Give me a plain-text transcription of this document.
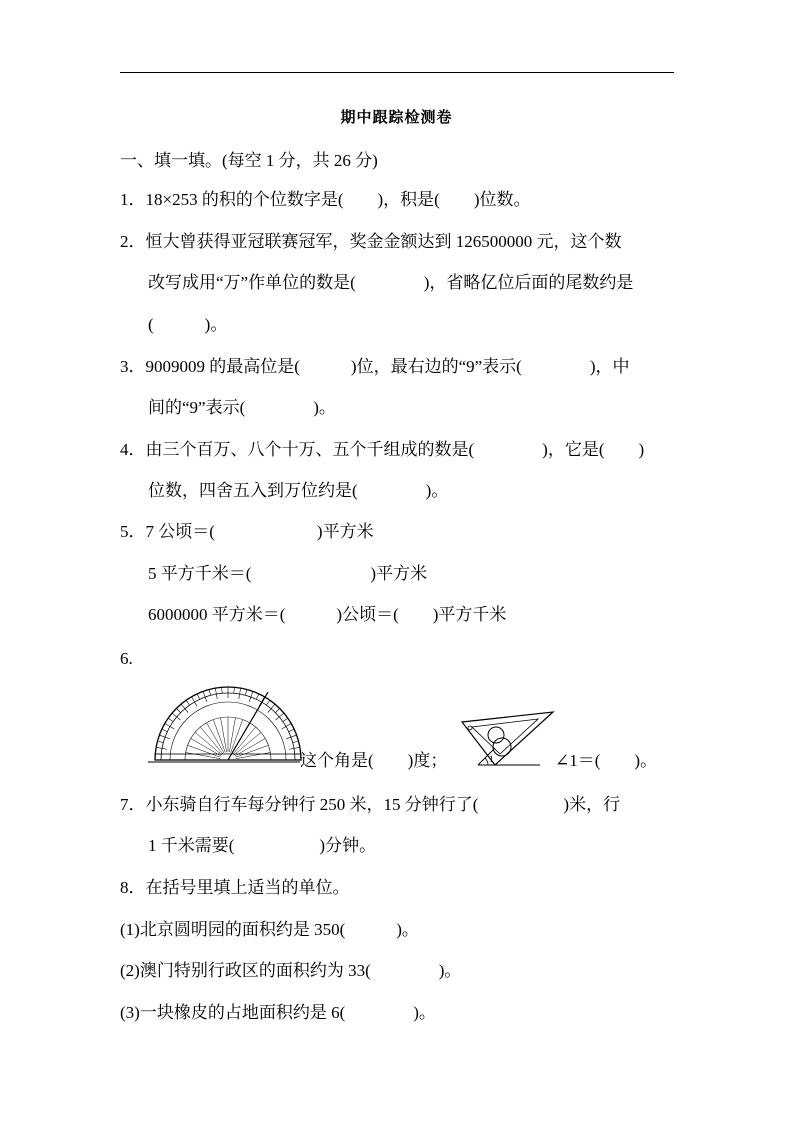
期中跟踪检测卷
一、填一填。(每空 1 分，共 26 分)
1．18×253 的积的个位数字是(　　)，积是(　　)位数。
2．恒大曾获得亚冠联赛冠军，奖金金额达到 126500000 元，这个数
改写成用“万”作单位的数是(　　　　)，省略亿位后面的尾数约是
(　　　)。
3．9009009 的最高位是(　　　)位，最右边的“9”表示(　　　　)，中
间的“9”表示(　　　　)。
4．由三个百万、八个十万、五个千组成的数是(　　　　)，它是(　　)
位数，四舍五入到万位约是(　　　　)。
5．7 公顷＝(　　　　　　)平方米
5 平方千米＝(　　　　　　　)平方米
6000000 平方米＝(　　　)公顷＝(　　)平方千米
6.
1
这个角是(　　)度；	∠1＝(　　)。
7．小东骑自行车每分钟行 250 米，15 分钟行了(　　　　　)米，行
1 千米需要(　　　　　)分钟。
8．在括号里填上适当的单位。
(1)北京圆明园的面积约是 350(　　　)。
(2)澳门特别行政区的面积约为 33(　　　　)。
(3)一块橡皮的占地面积约是 6(　　　　)。
